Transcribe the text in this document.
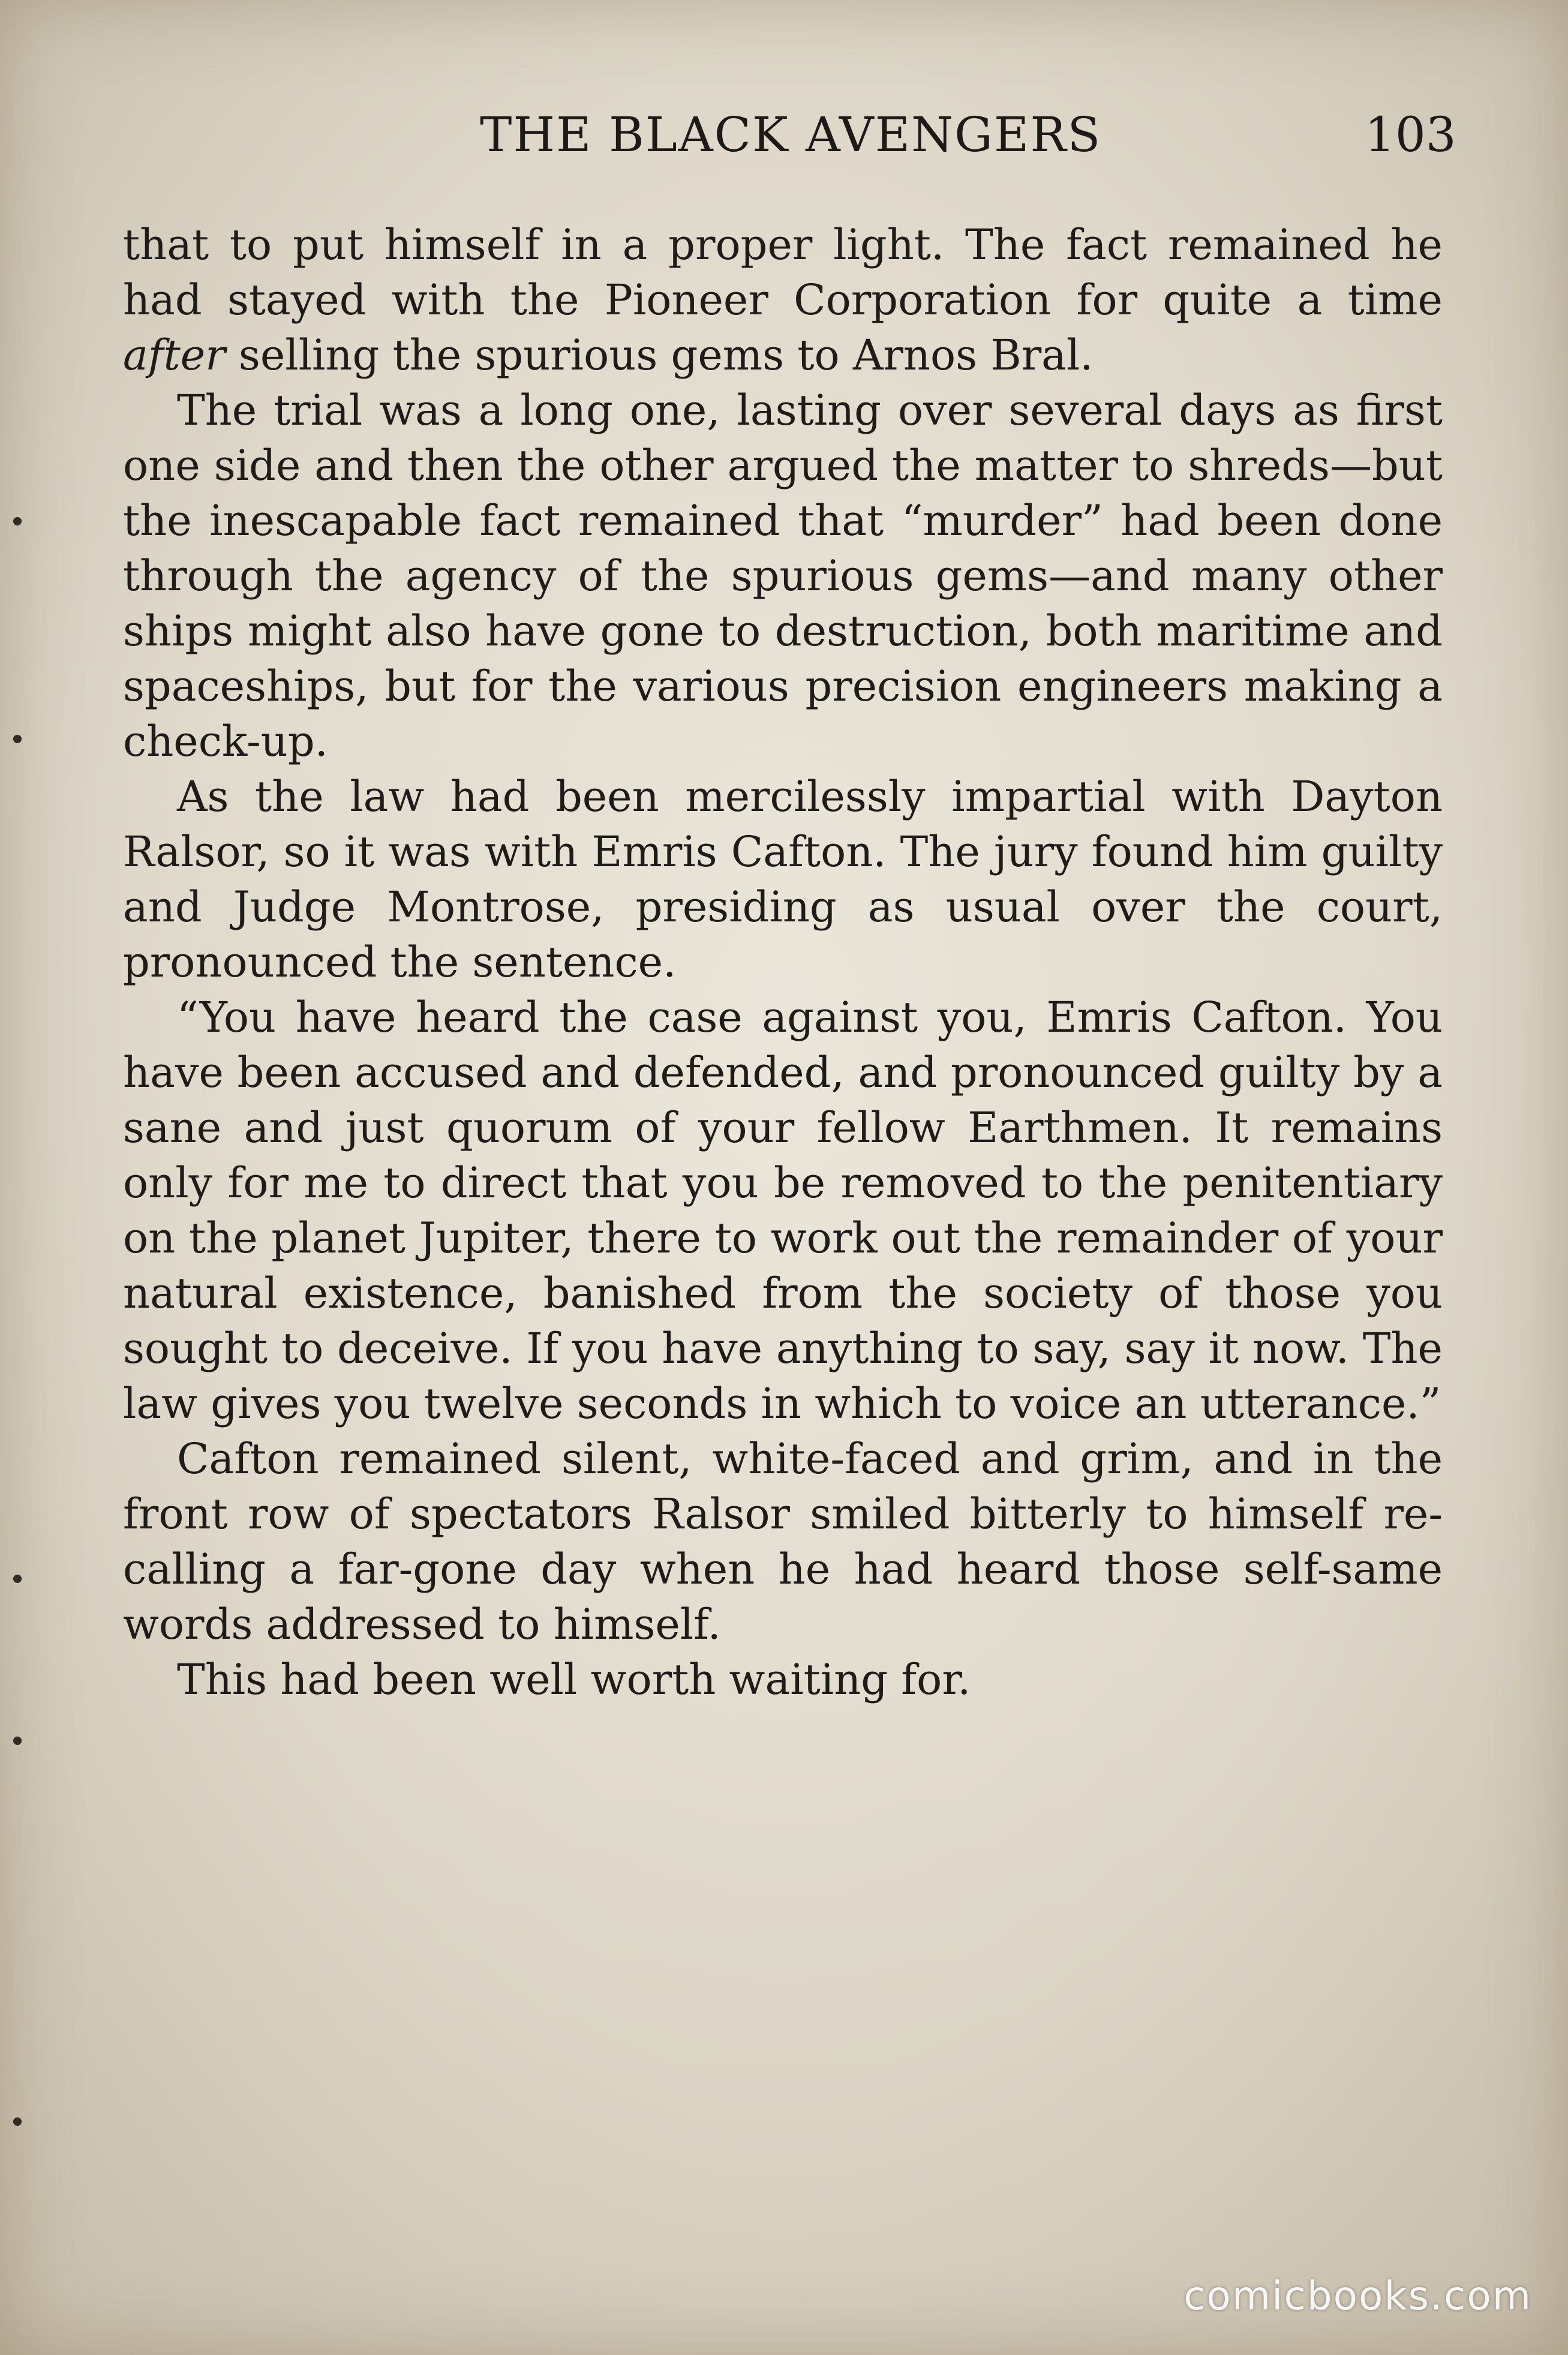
THE BLACK AVENGERS	103

that to put himself in a proper light. The fact remained he had stayed with the Pioneer Corporation for quite a time after selling the spurious gems to Arnos Bral.

The trial was a long one, lasting over several days as first one side and then the other argued the matter to shreds—but the inescapable fact remained that “murder” had been done through the agency of the spurious gems—and many other ships might also have gone to destruction, both maritime and spaceships, but for the various precision engineers making a check-up.

As the law had been mercilessly impartial with Dayton Ralsor, so it was with Emris Cafton. The jury found him guilty and Judge Montrose, presiding as usual over the court, pronounced the sentence.

“You have heard the case against you, Emris Cafton. You have been accused and defended, and pronounced guilty by a sane and just quorum of your fellow Earthmen. It remains only for me to direct that you be removed to the penitentiary on the planet Jupiter, there to work out the remainder of your natural existence, banished from the society of those you sought to deceive. If you have anything to say, say it now. The law gives you twelve seconds in which to voice an utterance.”

Cafton remained silent, white-faced and grim, and in the front row of spectators Ralsor smiled bitterly to himself re-calling a far-gone day when he had heard those self-same words addressed to himself.

This had been well worth waiting for.

comicbooks.com
